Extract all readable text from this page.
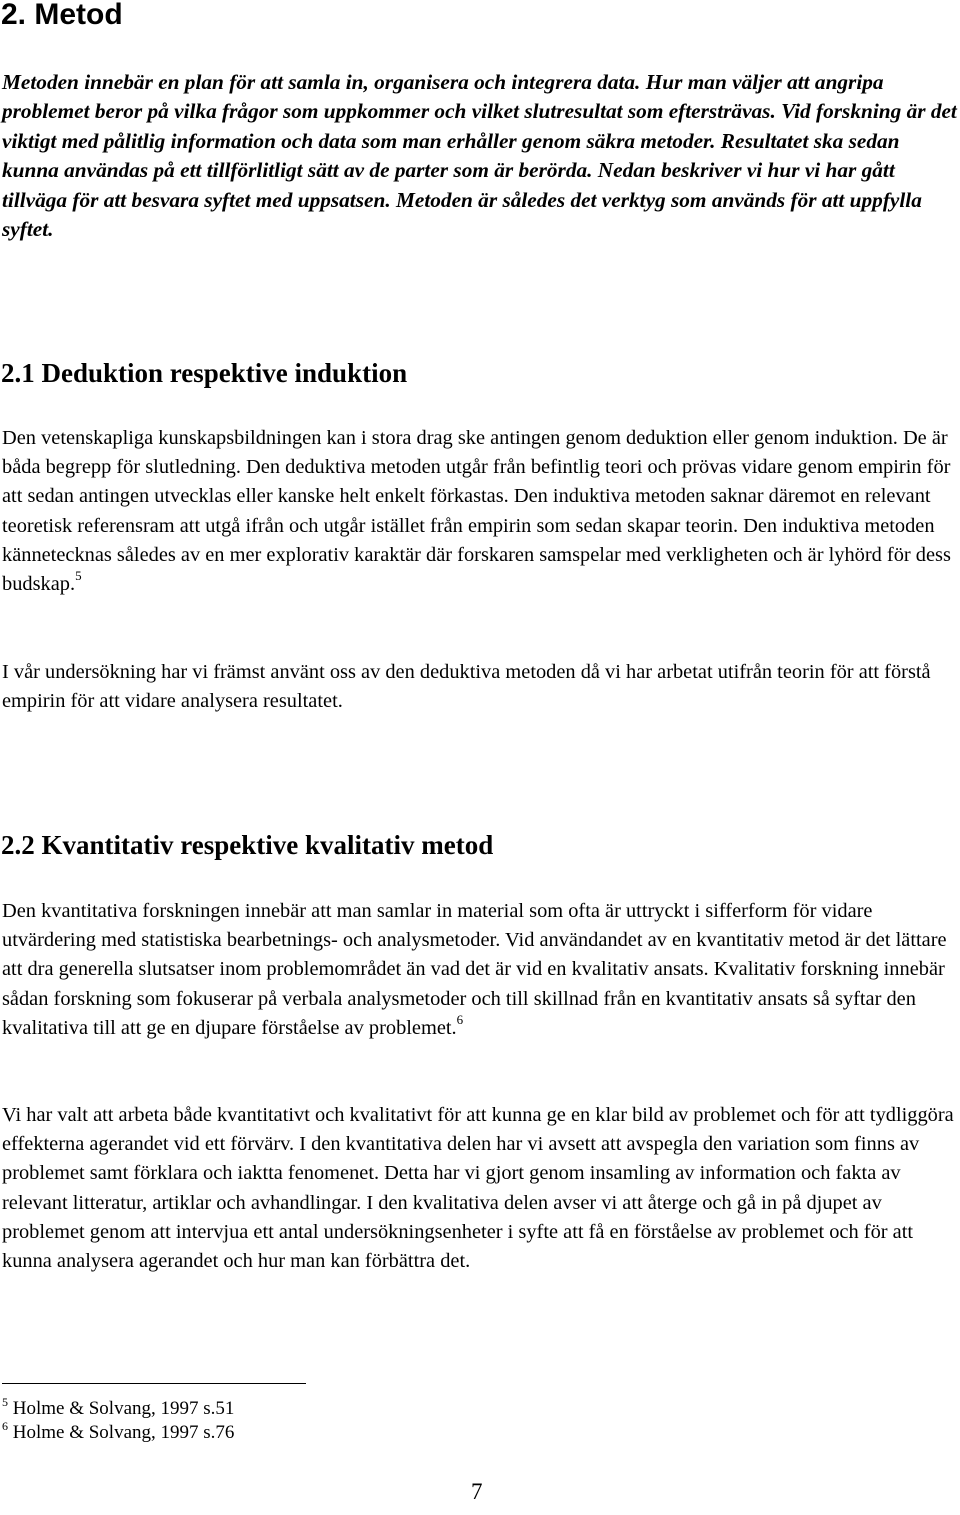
2. Metod

Metoden innebär en plan för att samla in, organisera och integrera data. Hur man väljer att angripa problemet beror på vilka frågor som uppkommer och vilket slutresultat som eftersträvas. Vid forskning är det viktigt med pålitlig information och data som man erhåller genom säkra metoder. Resultatet ska sedan kunna användas på ett tillförlitligt sätt av de parter som är berörda. Nedan beskriver vi hur vi har gått tillväga för att besvara syftet med uppsatsen. Metoden är således det verktyg som används för att uppfylla syftet.

2.1 Deduktion respektive induktion

Den vetenskapliga kunskapsbildningen kan i stora drag ske antingen genom deduktion eller genom induktion. De är båda begrepp för slutledning. Den deduktiva metoden utgår från befintlig teori och prövas vidare genom empirin för att sedan antingen utvecklas eller kanske helt enkelt förkastas. Den induktiva metoden saknar däremot en relevant teoretisk referensram att utgå ifrån och utgår istället från empirin som sedan skapar teorin. Den induktiva metoden kännetecknas således av en mer explorativ karaktär där forskaren samspelar med verkligheten och är lyhörd för dess budskap.$^5$

I vår undersökning har vi främst använt oss av den deduktiva metoden då vi har arbetat utifrån teorin för att förstå empirin för att vidare analysera resultatet.

2.2 Kvantitativ respektive kvalitativ metod

Den kvantitativa forskningen innebär att man samlar in material som ofta är uttryckt i sifferform för vidare utvärdering med statistiska bearbetnings- och analysmetoder. Vid användandet av en kvantitativ metod är det lättare att dra generella slutsatser inom problemområdet än vad det är vid en kvalitativ ansats. Kvalitativ forskning innebär sådan forskning som fokuserar på verbala analysmetoder och till skillnad från en kvantitativ ansats så syftar den kvalitativa till att ge en djupare förståelse av problemet.$^6$

Vi har valt att arbeta både kvantitativt och kvalitativt för att kunna ge en klar bild av problemet och för att tydliggöra effekterna agerandet vid ett förvärv. I den kvantitativa delen har vi avsett att avspegla den variation som finns av problemet samt förklara och iaktta fenomenet. Detta har vi gjort genom insamling av information och fakta av relevant litteratur, artiklar och avhandlingar. I den kvalitativa delen avser vi att återge och gå in på djupet av problemet genom att intervjua ett antal undersökningsenheter i syfte att få en förståelse av problemet och för att kunna analysera agerandet och hur man kan förbättra det.

$^5$ Holme & Solvang, 1997 s.51

$^6$ Holme & Solvang, 1997 s.76

7
